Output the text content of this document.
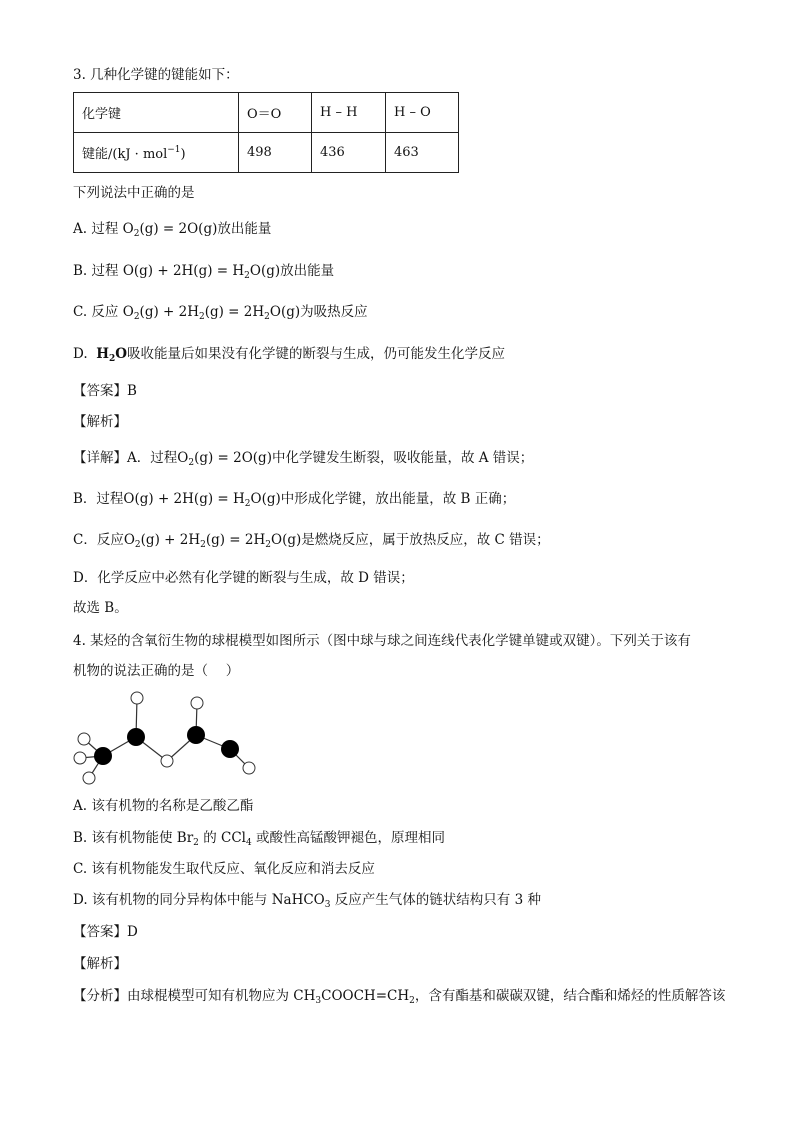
3. 几种化学键的键能如下：
化学键	O＝O	H – H	H – O
键能/(kJ · mol$^{-1}$)	498	436	463
下列说法中正确的是
A. 过程 $O_2(g) = 2O(g)$放出能量
B. 过程 $O(g) + 2H(g) = H_2O(g)$放出能量
C. 反应 $O_2(g) + 2H_2(g) = 2H_2O(g)$为吸热反应
D. $H_2O$吸收能量后如果没有化学键的断裂与生成，仍可能发生化学反应
【答案】B
【解析】
【详解】A．过程$O_2(g) = 2O(g)$中化学键发生断裂，吸收能量，故 A 错误；
B．过程$O(g) + 2H(g) = H_2O(g)$中形成化学键，放出能量，故 B 正确；
C．反应$O_2(g) + 2H_2(g) = 2H_2O(g)$是燃烧反应，属于放热反应，故 C 错误；
D．化学反应中必然有化学键的断裂与生成，故 D 错误；
故选 B。
4. 某烃的含氧衍生物的球棍模型如图所示（图中球与球之间连线代表化学键单键或双键）。下列关于该有
机物的说法正确的是（　 ）
A. 该有机物的名称是乙酸乙酯
B. 该有机物能使 $Br_2$ 的 CCl$_4$ 或酸性高锰酸钾褪色，原理相同
C. 该有机物能发生取代反应、氧化反应和消去反应
D. 该有机物的同分异构体中能与 NaHCO$_3$ 反应产生气体的链状结构只有 3 种
【答案】D
【解析】
【分析】由球棍模型可知有机物应为 $CH_3COOCH=CH_2$，含有酯基和碳碳双键，结合酯和烯烃的性质解答该
